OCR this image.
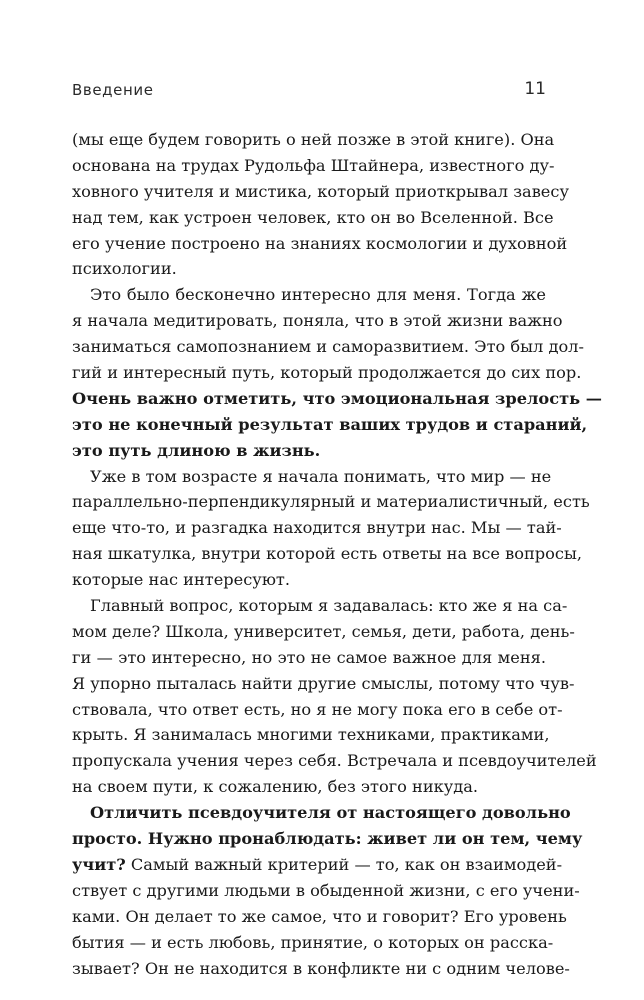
Введение	11
(мы еще будем говорить о ней позже в этой книге). Она
основана на трудах Рудольфа Штайнера, известного ду-
ховного учителя и мистика, который приоткрывал завесу
над тем, как устроен человек, кто он во Вселенной. Все
его учение построено на знаниях космологии и духовной
психологии.
Это было бесконечно интересно для меня. Тогда же
я начала медитировать, поняла, что в этой жизни важно
заниматься самопознанием и саморазвитием. Это был дол-
гий и интересный путь, который продолжается до сих пор.
Очень важно отметить, что эмоциональная зрелость —
это не конечный результат ваших трудов и стараний,
это путь длиною в жизнь.
Уже в том возрасте я начала понимать, что мир — не
параллельно-перпендикулярный и материалистичный, есть
еще что-то, и разгадка находится внутри нас. Мы — тай-
ная шкатулка, внутри которой есть ответы на все вопросы,
которые нас интересуют.
Главный вопрос, которым я задавалась: кто же я на са-
мом деле? Школа, университет, семья, дети, работа, день-
ги — это интересно, но это не самое важное для меня.
Я упорно пыталась найти другие смыслы, потому что чув-
ствовала, что ответ есть, но я не могу пока его в себе от-
крыть. Я занималась многими техниками, практиками,
пропускала учения через себя. Встречала и псевдоучителей
на своем пути, к сожалению, без этого никуда.
Отличить псевдоучителя от настоящего довольно
просто. Нужно пронаблюдать: живет ли он тем, чему
учит? Самый важный критерий — то, как он взаимодей-
ствует с другими людьми в обыденной жизни, с его учени-
ками. Он делает то же самое, что и говорит? Его уровень
бытия — и есть любовь, принятие, о которых он расска-
зывает? Он не находится в конфликте ни с одним челове-
